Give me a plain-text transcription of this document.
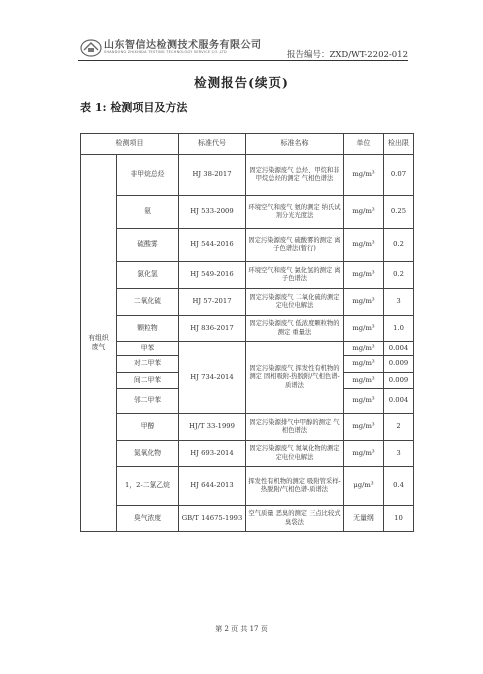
山东智信达检测技术服务有限公司
SHANDONG ZHIXINDA TESTING TECHNOLOGY SERVICE CO.,LTD	报告编号：ZXD/WT-2202-012
检测报告(续页)
表 1: 检测项目及方法
检测项目		标准代号	标准名称	单位	检出限
有组织
废气	非甲烷总烃	HJ 38-2017	固定污染源废气 总烃、甲烷和非甲烷总烃的测定 气相色谱法	mg/m³	0.07
	氨	HJ 533-2009	环境空气和废气 氨的测定 纳氏试剂分光光度法	mg/m³	0.25
	硫酸雾	HJ 544-2016	固定污染源废气 硫酸雾的测定 离子色谱法(暂行)	mg/m³	0.2
	氯化氢	HJ 549-2016	环境空气和废气 氯化氢的测定 离子色谱法	mg/m³	0.2
	二氧化硫	HJ 57-2017	固定污染源废气 二氧化硫的测定 定电位电解法	mg/m³	3
	颗粒物	HJ 836-2017	固定污染源废气 低浓度颗粒物的测定 重量法	mg/m³	1.0
	甲苯	HJ 734-2014	固定污染源废气 挥发性有机物的测定 固相吸附-热脱附/气相色谱-质谱法	mg/m³	0.004
	对二甲苯			mg/m³	0.009
	间二甲苯			mg/m³	0.009
	邻二甲苯			mg/m³	0.004
	甲醇	HJ/T 33-1999	固定污染源排气中甲醇的测定 气相色谱法	mg/m³	2
	氮氧化物	HJ 693-2014	固定污染源废气 氮氧化物的测定 定电位电解法	mg/m³	3
	1，2-二氯乙烷	HJ 644-2013	挥发性有机物的测定 吸附管采样-热脱附/气相色谱-质谱法	μg/m³	0.4
	臭气浓度	GB/T 14675-1993	空气质量 恶臭的测定 三点比较式臭袋法	无量纲	10
第 2 页 共 17 页
